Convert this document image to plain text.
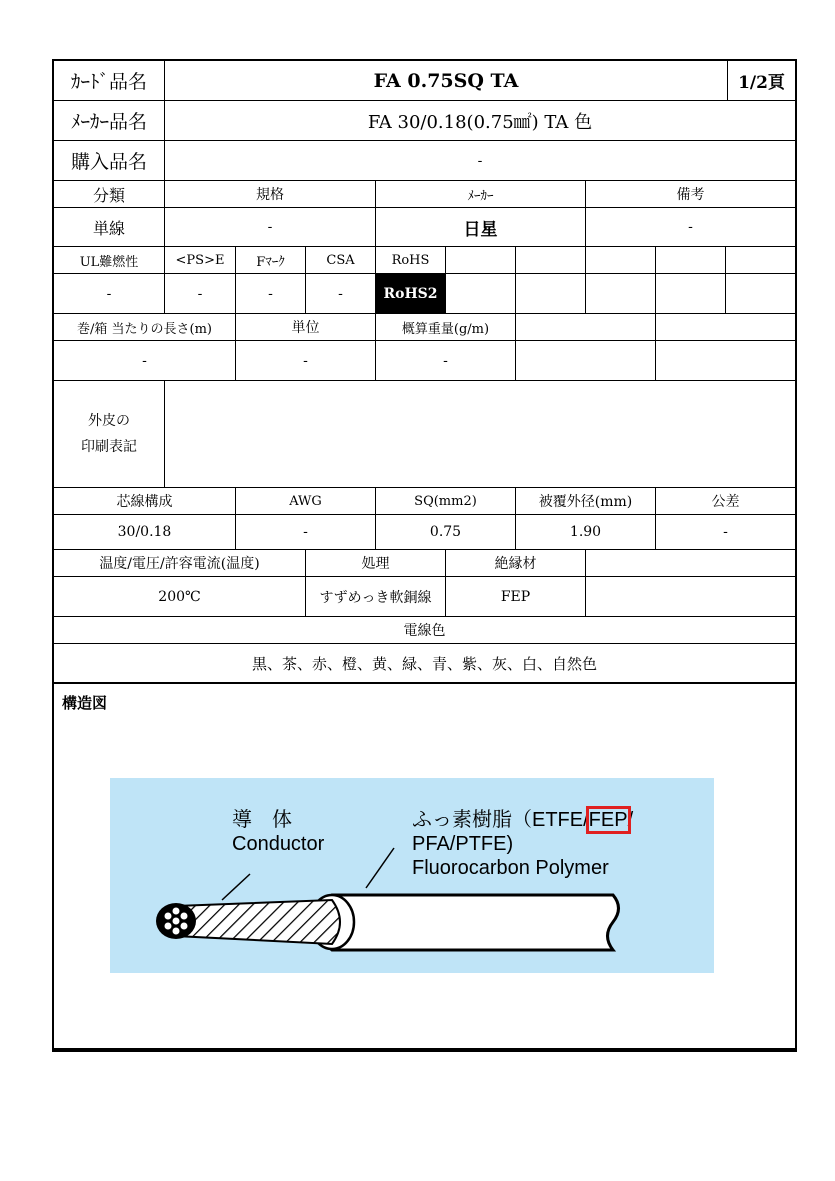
ｶｰﾄﾞ品名	FA 0.75SQ TA	1/2頁
ﾒｰｶｰ品名	FA 30/0.18(0.75㎟) TA 色
購入品名	-
分類	規格	ﾒｰｶｰ	備考
単線	-	日星	-
UL難燃性	<PS>E	Fﾏｰｸ	CSA	RoHS
-	-	-	-	RoHS2
巻/箱 当たりの長さ(m)	単位	概算重量(g/m)
-	-	-
外皮の
印刷表記
芯線構成	AWG	SQ(mm2)	被覆外径(mm)	公差
30/0.18	-	0.75	1.90	-
温度/電圧/許容電流(温度)	処理	絶縁材
200℃	すずめっき軟銅線	FEP
電線色
黒、茶、赤、橙、黄、緑、青、紫、灰、白、自然色
構造図
導　体
Conductor
ふっ素樹脂（ETFE/FEP/
PFA/PTFE)
Fluorocarbon Polymer
